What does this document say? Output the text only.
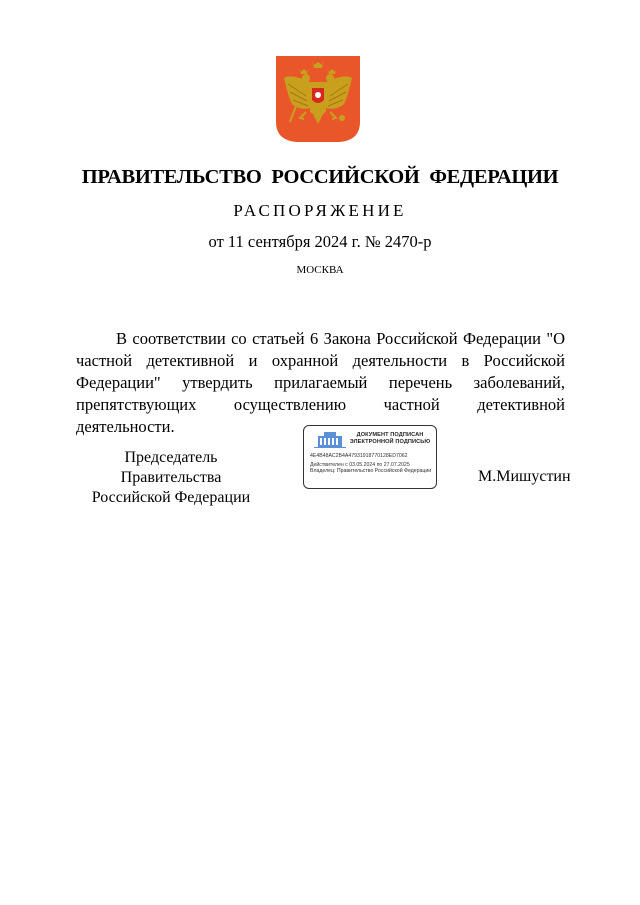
ПРАВИТЕЛЬСТВО РОССИЙСКОЙ ФЕДЕРАЦИИ
РАСПОРЯЖЕНИЕ
от 11 сентября 2024 г. № 2470-р
МОСКВА

В соответствии со статьей 6 Закона Российской Федерации "О частной детективной и охранной деятельности в Российской Федерации" утвердить прилагаемый перечень заболеваний, препятствующих осуществлению частной детективной деятельности.

Председатель Правительства
Российской Федерации
ДОКУМЕНТ ПОДПИСАН
ЭЛЕКТРОННОЙ ПОДПИСЬЮ
4E4B48AC2B4A47931918770128ED7062
Действителен с 03.05.2024 по 27.07.2025
Владелец: Правительство Российской Федерации	М.Мишустин
